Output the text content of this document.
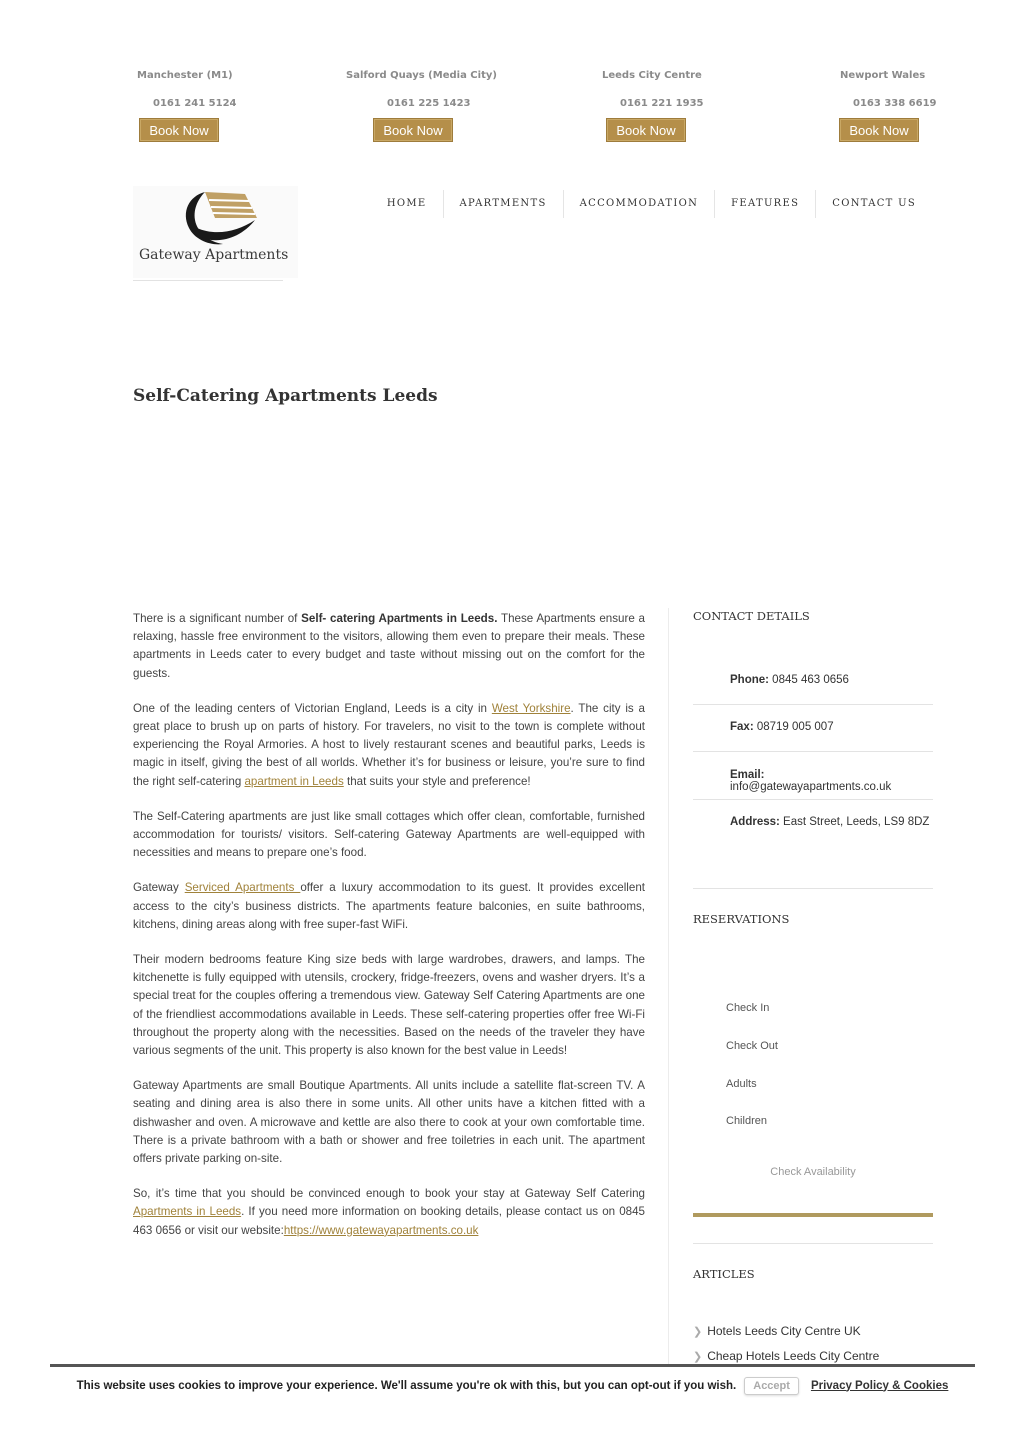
Manchester (M1)
0161 241 5124
Book Now
Salford Quays (Media City)
0161 225 1423
Book Now
Leeds City Centre
0161 221 1935
Book Now
Newport Wales
0163 338 6619
Book Now
Gateway Apartments
HOME	APARTMENTS	ACCOMMODATION	FEATURES	CONTACT US
Self-Catering Apartments Leeds

There is a significant number of Self- catering Apartments in Leeds. These Apartments ensure a relaxing, hassle free environment to the visitors, allowing them even to prepare their meals. These apartments in Leeds cater to every budget and taste without missing out on the comfort for the guests.

One of the leading centers of Victorian England, Leeds is a city in West Yorkshire. The city is a great place to brush up on parts of history. For travelers, no visit to the town is complete without experiencing the Royal Armories. A host to lively restaurant scenes and beautiful parks, Leeds is magic in itself, giving the best of all worlds. Whether it’s for business or leisure, you’re sure to find the right self-catering apartment in Leeds that suits your style and preference!

The Self-Catering apartments are just like small cottages which offer clean, comfortable, furnished accommodation for tourists/ visitors. Self-catering Gateway Apartments are well-equipped with necessities and means to prepare one’s food.

Gateway Serviced Apartments offer a luxury accommodation to its guest. It provides excellent access to the city’s business districts. The apartments feature balconies, en suite bathrooms, kitchens, dining areas along with free super-fast WiFi.

Their modern bedrooms feature King size beds with large wardrobes, drawers, and lamps. The kitchenette is fully equipped with utensils, crockery, fridge-freezers, ovens and washer dryers. It’s a special treat for the couples offering a tremendous view. Gateway Self Catering Apartments are one of the friendliest accommodations available in Leeds. These self-catering properties offer free Wi-Fi throughout the property along with the necessities. Based on the needs of the traveler they have various segments of the unit. This property is also known for the best value in Leeds!

Gateway Apartments are small Boutique Apartments. All units include a satellite flat-screen TV. A seating and dining area is also there in some units. All other units have a kitchen fitted with a dishwasher and oven. A microwave and kettle are also there to cook at your own comfortable time. There is a private bathroom with a bath or shower and free toiletries in each unit. The apartment offers private parking on-site.

So, it’s time that you should be convinced enough to book your stay at Gateway Self Catering Apartments in Leeds. If you need more information on booking details, please contact us on 0845 463 0656 or visit our website:https://www.gatewayapartments.co.uk

CONTACT DETAILS
Phone: 0845 463 0656
Fax: 08719 005 007
Email:
info@gatewayapartments.co.uk
Address: East Street, Leeds, LS9 8DZ
RESERVATIONS
Check In
Check Out
Adults
Children
Check Availability
ARTICLES
❯ Hotels Leeds City Centre UK
❯ Cheap Hotels Leeds City Centre
This website uses cookies to improve your experience. We'll assume you're ok with this, but you can opt-out if you wish.	Accept	Privacy Policy & Cookies
